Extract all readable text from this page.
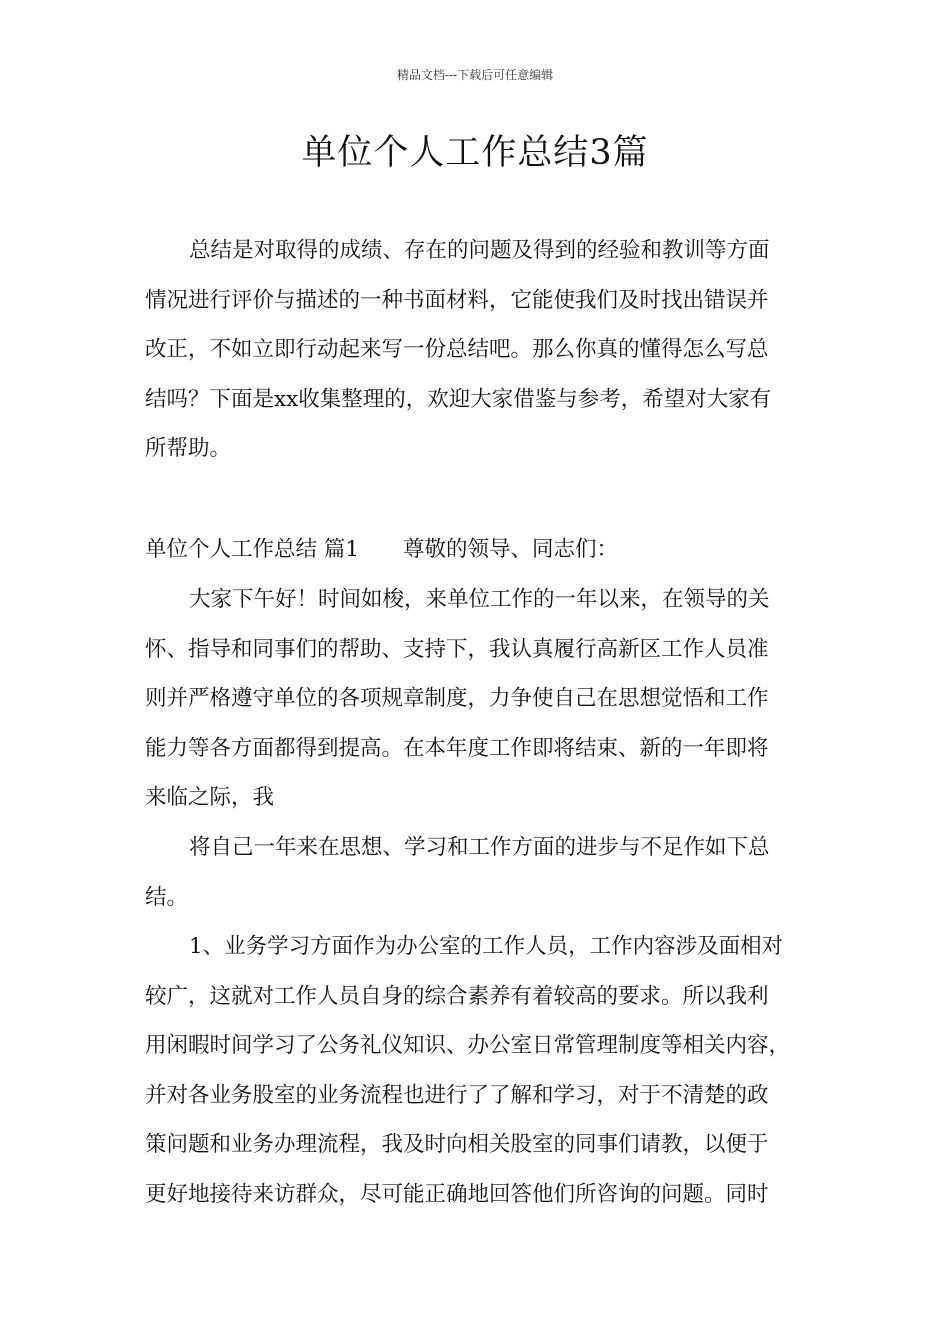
精品文档---下载后可任意编辑
单位个人工作总结3篇
总结是对取得的成绩、存在的问题及得到的经验和教训等方面
情况进行评价与描述的一种书面材料，它能使我们及时找出错误并
改正，不如立即行动起来写一份总结吧。那么你真的懂得怎么写总
结吗？下面是xx收集整理的，欢迎大家借鉴与参考，希望对大家有
所帮助。
单位个人工作总结 篇1 尊敬的领导、同志们：
大家下午好！时间如梭，来单位工作的一年以来，在领导的关
怀、指导和同事们的帮助、支持下，我认真履行高新区工作人员准
则并严格遵守单位的各项规章制度，力争使自己在思想觉悟和工作
能力等各方面都得到提高。在本年度工作即将结束、新的一年即将
来临之际，我
将自己一年来在思想、学习和工作方面的进步与不足作如下总
结。
1、业务学习方面作为办公室的工作人员，工作内容涉及面相对
较广，这就对工作人员自身的综合素养有着较高的要求。所以我利
用闲暇时间学习了公务礼仪知识、办公室日常管理制度等相关内容，
并对各业务股室的业务流程也进行了了解和学习，对于不清楚的政
策问题和业务办理流程，我及时向相关股室的同事们请教，以便于
更好地接待来访群众，尽可能正确地回答他们所咨询的问题。同时
